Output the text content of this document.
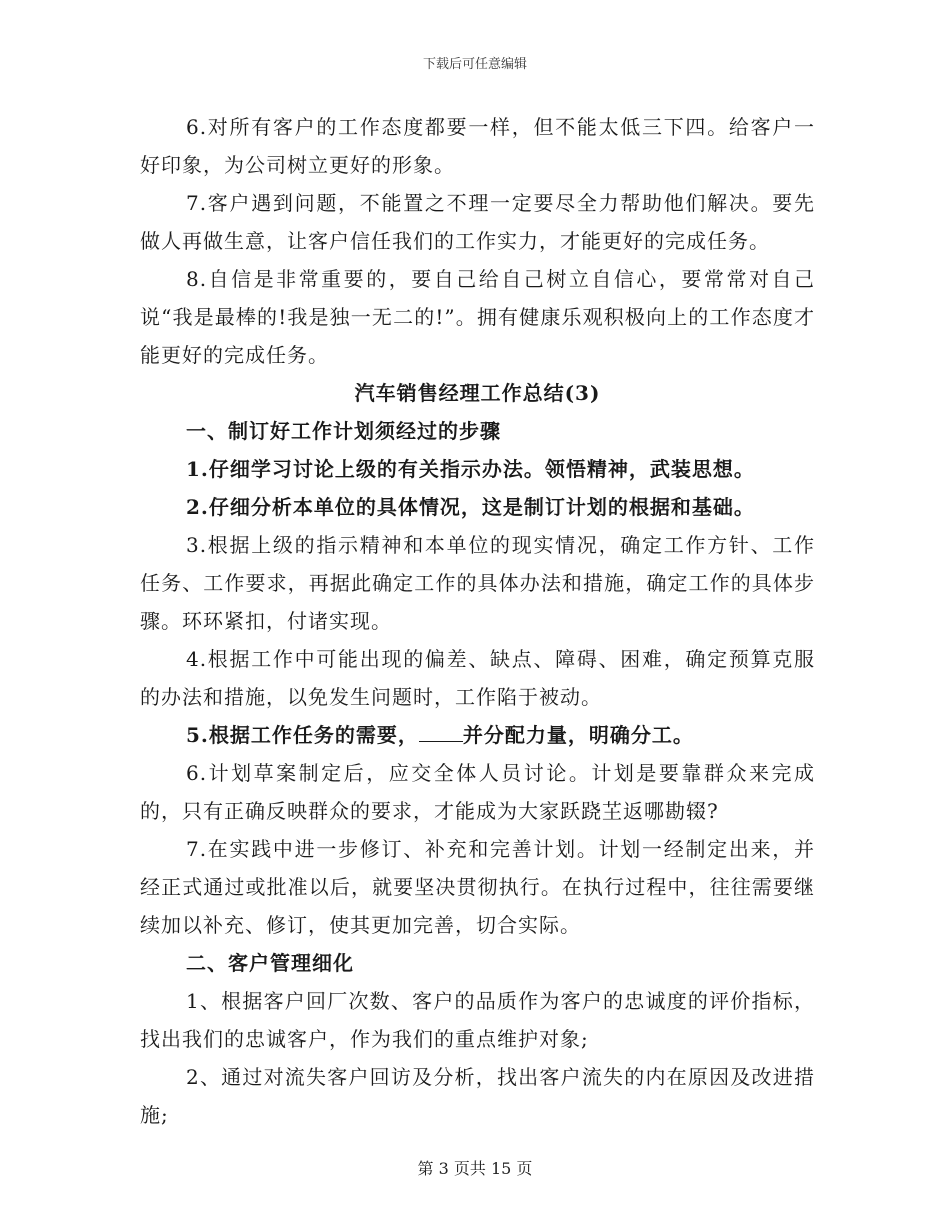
下载后可任意编辑

6.对所有客户的工作态度都要一样，但不能太低三下四。给客户一好印象，为公司树立更好的形象。

7.客户遇到问题，不能置之不理一定要尽全力帮助他们解决。要先做人再做生意，让客户信任我们的工作实力，才能更好的完成任务。

8.自信是非常重要的，要自己给自己树立自信心，要常常对自己说“我是最棒的!我是独一无二的!”。拥有健康乐观积极向上的工作态度才能更好的完成任务。

汽车销售经理工作总结(3)

一、制订好工作计划须经过的步骤

1.仔细学习讨论上级的有关指示办法。领悟精神，武装思想。

2.仔细分析本单位的具体情况，这是制订计划的根据和基础。

3.根据上级的指示精神和本单位的现实情况，确定工作方针、工作任务、工作要求，再据此确定工作的具体办法和措施，确定工作的具体步骤。环环紧扣，付诸实现。

4.根据工作中可能出现的偏差、缺点、障碍、困难，确定预算克服的办法和措施，以免发生问题时，工作陷于被动。

5.根据工作任务的需要， 并分配力量，明确分工。

6.计划草案制定后，应交全体人员讨论。计划是要靠群众来完成的，只有正确反映群众的要求，才能成为大家跃跷芏返哪勘辍?

7.在实践中进一步修订、补充和完善计划。计划一经制定出来，并经正式通过或批准以后，就要坚决贯彻执行。在执行过程中，往往需要继续加以补充、修订，使其更加完善，切合实际。

二、客户管理细化

1、根据客户回厂次数、客户的品质作为客户的忠诚度的评价指标，找出我们的忠诚客户，作为我们的重点维护对象;

2、通过对流失客户回访及分析，找出客户流失的内在原因及改进措施;

第 3 页共 15 页
